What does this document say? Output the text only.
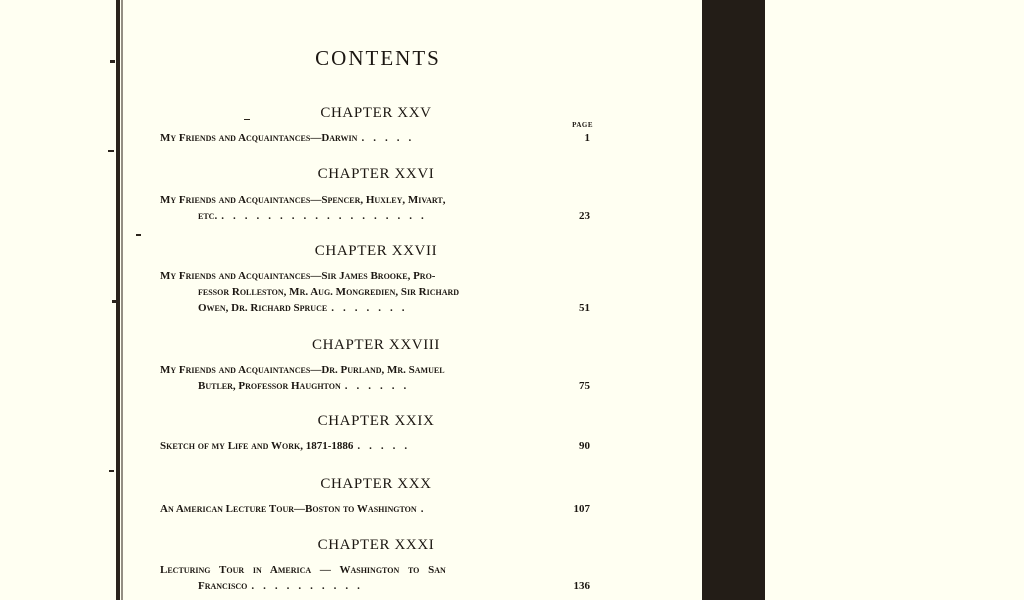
CONTENTS
PAGE
CHAPTER XXV
My Friends and Acquaintances—Darwin .....	1
CHAPTER XXVI
My Friends and Acquaintances—Spencer, Huxley, Mivart,
etc. ..................	23
CHAPTER XXVII
My Friends and Acquaintances—Sir James Brooke, Pro-
fessor Rolleston, Mr. Aug. Mongredien, Sir Richard
Owen, Dr. Richard Spruce .......	51
CHAPTER XXVIII
My Friends and Acquaintances—Dr. Purland, Mr. Samuel
Butler, Professor Haughton ......	75
CHAPTER XXIX
Sketch of my Life and Work, 1871-1886 .....	90
CHAPTER XXX
An American Lecture Tour—Boston to Washington .	107
CHAPTER XXXI
Lecturing Tour in America — Washington to San
Francisco ..........	136
